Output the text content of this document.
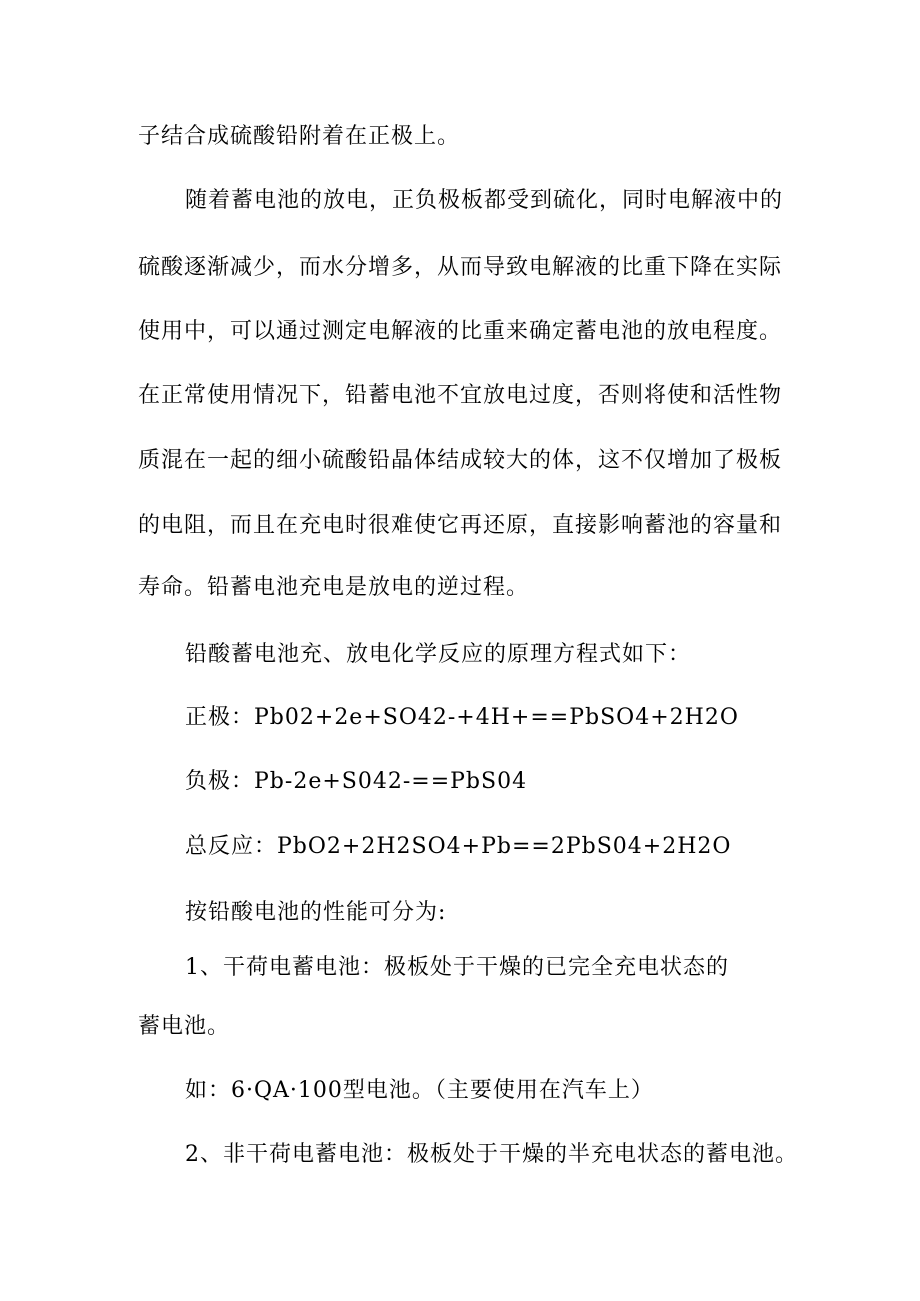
子结合成硫酸铅附着在正极上。
随着蓄电池的放电，正负极板都受到硫化，同时电解液中的
硫酸逐渐减少，而水分增多，从而导致电解液的比重下降在实际
使用中，可以通过测定电解液的比重来确定蓄电池的放电程度。
在正常使用情况下，铅蓄电池不宜放电过度，否则将使和活性物
质混在一起的细小硫酸铅晶体结成较大的体，这不仅增加了极板
的电阻，而且在充电时很难使它再还原，直接影响蓄池的容量和
寿命。铅蓄电池充电是放电的逆过程。
铅酸蓄电池充、放电化学反应的原理方程式如下：
正极：Pb02+2e+SO42-+4H+==PbSO4+2H2O
负极：Pb-2e+S042-==PbS04
总反应：PbO2+2H2SO4+Pb==2PbS04+2H2O
按铅酸电池的性能可分为:
1、干荷电蓄电池：极板处于干燥的已完全充电状态的
蓄电池。
如：6·QA·100型电池。（主要使用在汽车上）
2、非干荷电蓄电池：极板处于干燥的半充电状态的蓄电池。
